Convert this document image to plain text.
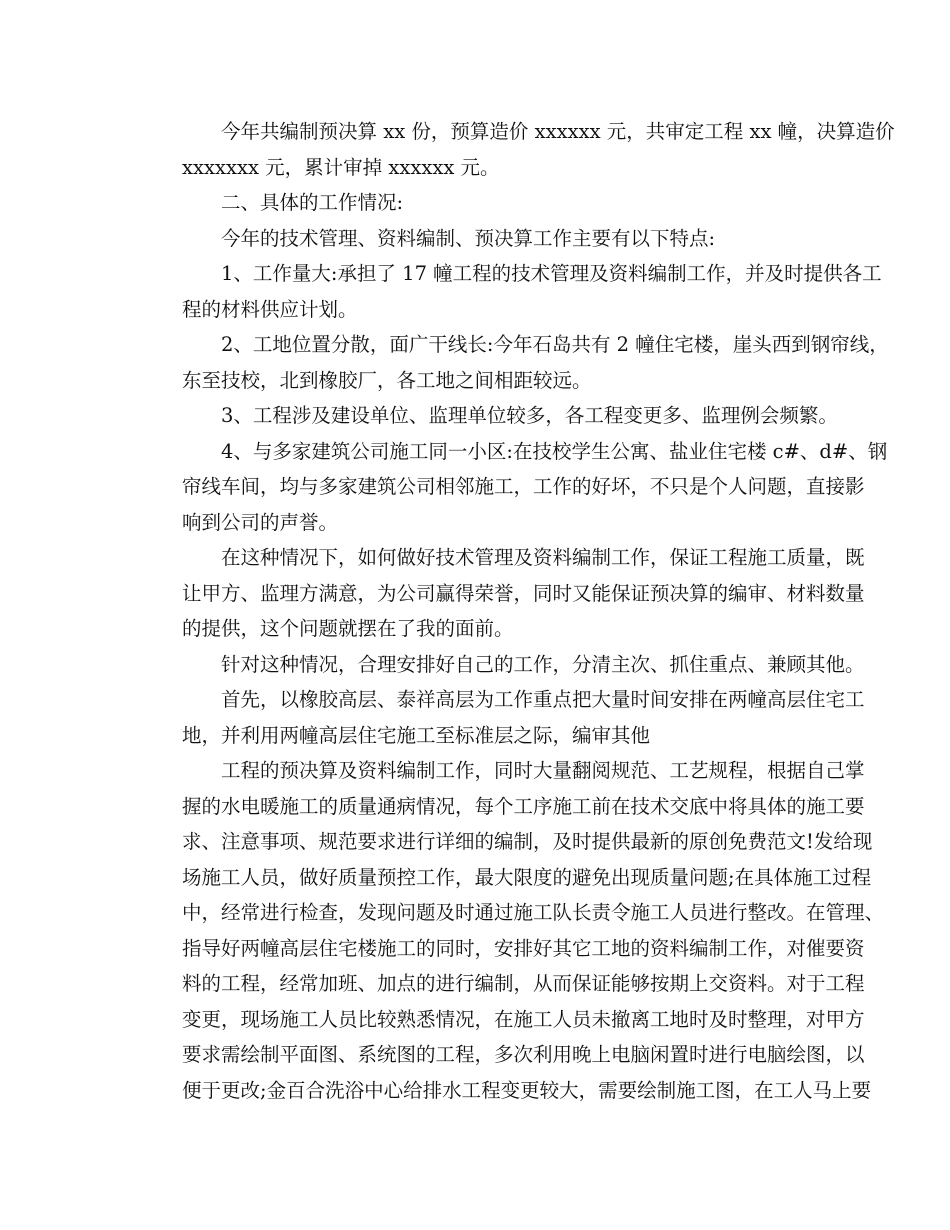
今年共编制预决算 xx 份，预算造价 xxxxxx 元，共审定工程 xx 幢，决算造价
xxxxxxx 元，累计审掉 xxxxxx 元。
二、具体的工作情况:
今年的技术管理、资料编制、预决算工作主要有以下特点:
1、工作量大:承担了 17 幢工程的技术管理及资料编制工作，并及时提供各工
程的材料供应计划。
2、工地位置分散，面广干线长:今年石岛共有 2 幢住宅楼，崖头西到钢帘线，
东至技校，北到橡胶厂，各工地之间相距较远。
3、工程涉及建设单位、监理单位较多，各工程变更多、监理例会频繁。
4、与多家建筑公司施工同一小区:在技校学生公寓、盐业住宅楼 c#、d#、钢
帘线车间，均与多家建筑公司相邻施工，工作的好坏，不只是个人问题，直接影
响到公司的声誉。
在这种情况下，如何做好技术管理及资料编制工作，保证工程施工质量，既
让甲方、监理方满意，为公司赢得荣誉，同时又能保证预决算的编审、材料数量
的提供，这个问题就摆在了我的面前。
针对这种情况，合理安排好自己的工作，分清主次、抓住重点、兼顾其他。
首先，以橡胶高层、泰祥高层为工作重点把大量时间安排在两幢高层住宅工
地，并利用两幢高层住宅施工至标准层之际，编审其他
工程的预决算及资料编制工作，同时大量翻阅规范、工艺规程，根据自己掌
握的水电暖施工的质量通病情况，每个工序施工前在技术交底中将具体的施工要
求、注意事项、规范要求进行详细的编制，及时提供最新的原创免费范文!发给现
场施工人员，做好质量预控工作，最大限度的避免出现质量问题;在具体施工过程
中，经常进行检查，发现问题及时通过施工队长责令施工人员进行整改。在管理、
指导好两幢高层住宅楼施工的同时，安排好其它工地的资料编制工作，对催要资
料的工程，经常加班、加点的进行编制，从而保证能够按期上交资料。对于工程
变更，现场施工人员比较熟悉情况，在施工人员未撤离工地时及时整理，对甲方
要求需绘制平面图、系统图的工程，多次利用晚上电脑闲置时进行电脑绘图，以
便于更改;金百合洗浴中心给排水工程变更较大，需要绘制施工图，在工人马上要
